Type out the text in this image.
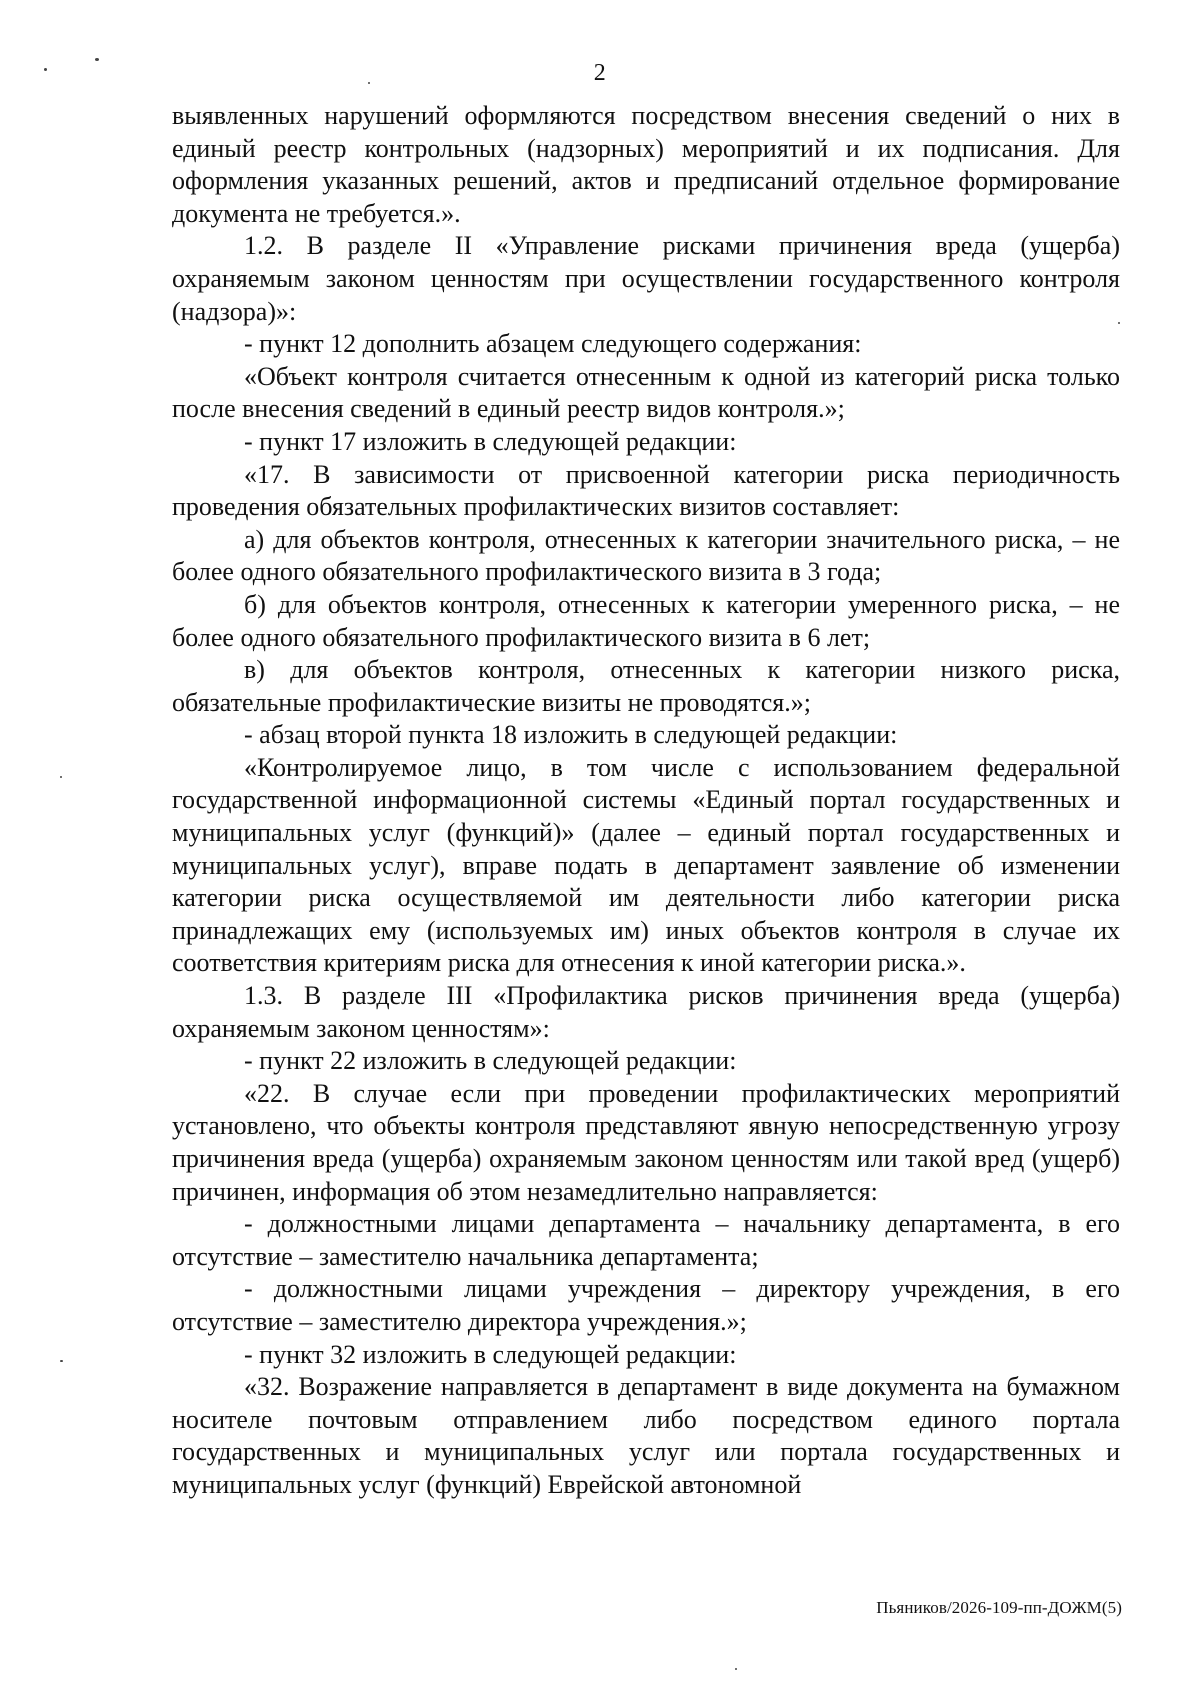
2

выявленных нарушений оформляются посредством внесения сведений о них в единый реестр контрольных (надзорных) мероприятий и их подписания. Для оформления указанных решений, актов и предписаний отдельное формирование документа не требуется.».

1.2. В разделе II «Управление рисками причинения вреда (ущерба) охраняемым законом ценностям при осуществлении государственного контроля (надзора)»:

- пункт 12 дополнить абзацем следующего содержания:

«Объект контроля считается отнесенным к одной из категорий риска только после внесения сведений в единый реестр видов контроля.»;

- пункт 17 изложить в следующей редакции:

«17. В зависимости от присвоенной категории риска периодичность проведения обязательных профилактических визитов составляет:

а) для объектов контроля, отнесенных к категории значительного риска, – не более одного обязательного профилактического визита в 3 года;

б) для объектов контроля, отнесенных к категории умеренного риска, – не более одного обязательного профилактического визита в 6 лет;

в) для объектов контроля, отнесенных к категории низкого риска, обязательные профилактические визиты не проводятся.»;

- абзац второй пункта 18 изложить в следующей редакции:

«Контролируемое лицо, в том числе с использованием федеральной государственной информационной системы «Единый портал государственных и муниципальных услуг (функций)» (далее – единый портал государственных и муниципальных услуг), вправе подать в департамент заявление об изменении категории риска осуществляемой им деятельности либо категории риска принадлежащих ему (используемых им) иных объектов контроля в случае их соответствия критериям риска для отнесения к иной категории риска.».

1.3. В разделе III «Профилактика рисков причинения вреда (ущерба) охраняемым законом ценностям»:

- пункт 22 изложить в следующей редакции:

«22. В случае если при проведении профилактических мероприятий установлено, что объекты контроля представляют явную непосредственную угрозу причинения вреда (ущерба) охраняемым законом ценностям или такой вред (ущерб) причинен, информация об этом незамедлительно направляется:

- должностными лицами департамента – начальнику департамента, в его отсутствие – заместителю начальника департамента;

- должностными лицами учреждения – директору учреждения, в его отсутствие – заместителю директора учреждения.»;

- пункт 32 изложить в следующей редакции:

«32. Возражение направляется в департамент в виде документа на бумажном носителе почтовым отправлением либо посредством единого портала государственных и муниципальных услуг или портала государственных и муниципальных услуг (функций) Еврейской автономной

Пьяников/2026-109-пп-ДОЖМ(5)
